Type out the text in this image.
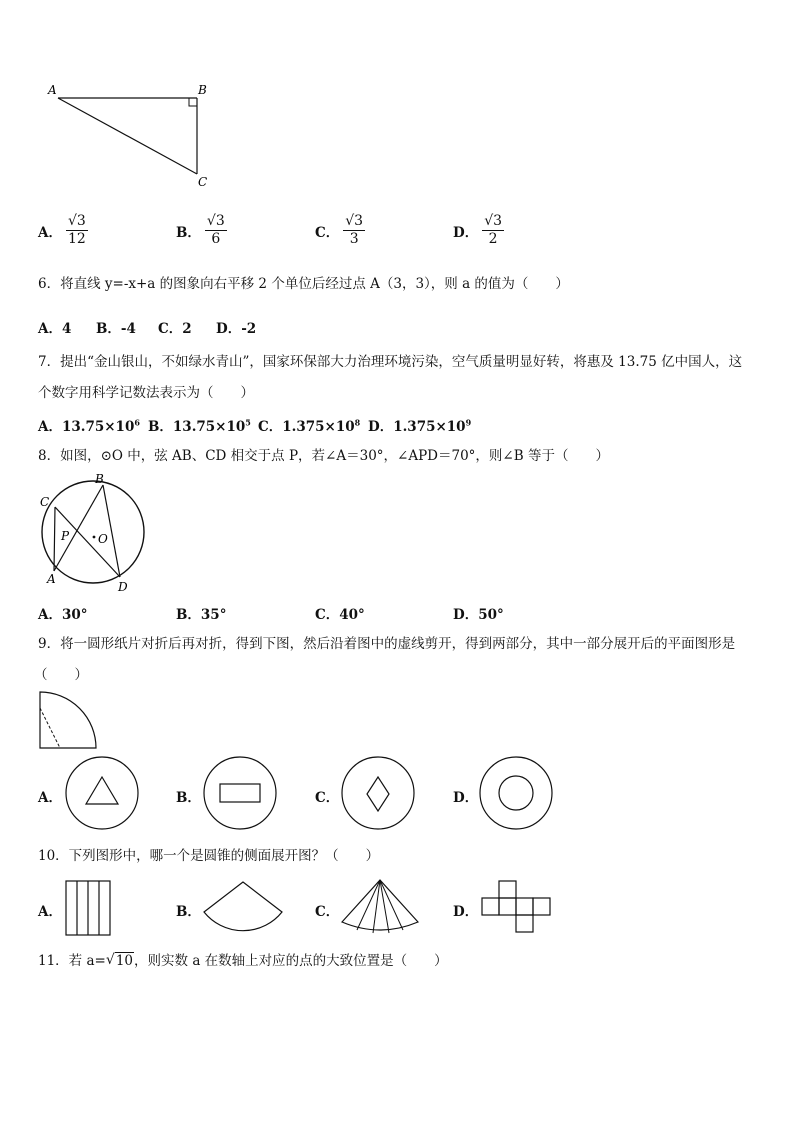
A	B
C
A． $\frac{√3}{12}$	B． $\frac{√3}{6}$	C． $\frac{√3}{3}$	D． $\frac{√3}{2}$
6．将直线 y=-x+a 的图象向右平移 2 个单位后经过点 A（3，3），则 a 的值为（　　）
A．4 B．-4 C．2 D．-2
7．提出“金山银山，不如绿水青山”，国家环保部大力治理环境污染，空气质量明显好转，将惠及 13.75 亿中国人，这
个数字用科学记数法表示为（　　）
A．$13.75\times 10^6$ B．$13.75\times 10^5$ C．$1.375\times 10^8$ D．$1.375\times 10^9$
8．如图，⊙O 中，弦 AB、CD 相交于点 P，若∠A＝30°，∠APD＝70°，则∠B 等于（　　）
C
B
P O
A
D
A．30°	B．35°	C．40°	D．50°
9．将一圆形纸片对折后再对折，得到下图，然后沿着图中的虚线剪开，得到两部分，其中一部分展开后的平面图形是
（　　）
A．	B．	C．	D．
10．下列图形中，哪一个是圆锥的侧面展开图？（　　）
A．	B．	C．	D．
11．若 a= √ 10，则实数 a 在数轴上对应的点的大致位置是（　　）
